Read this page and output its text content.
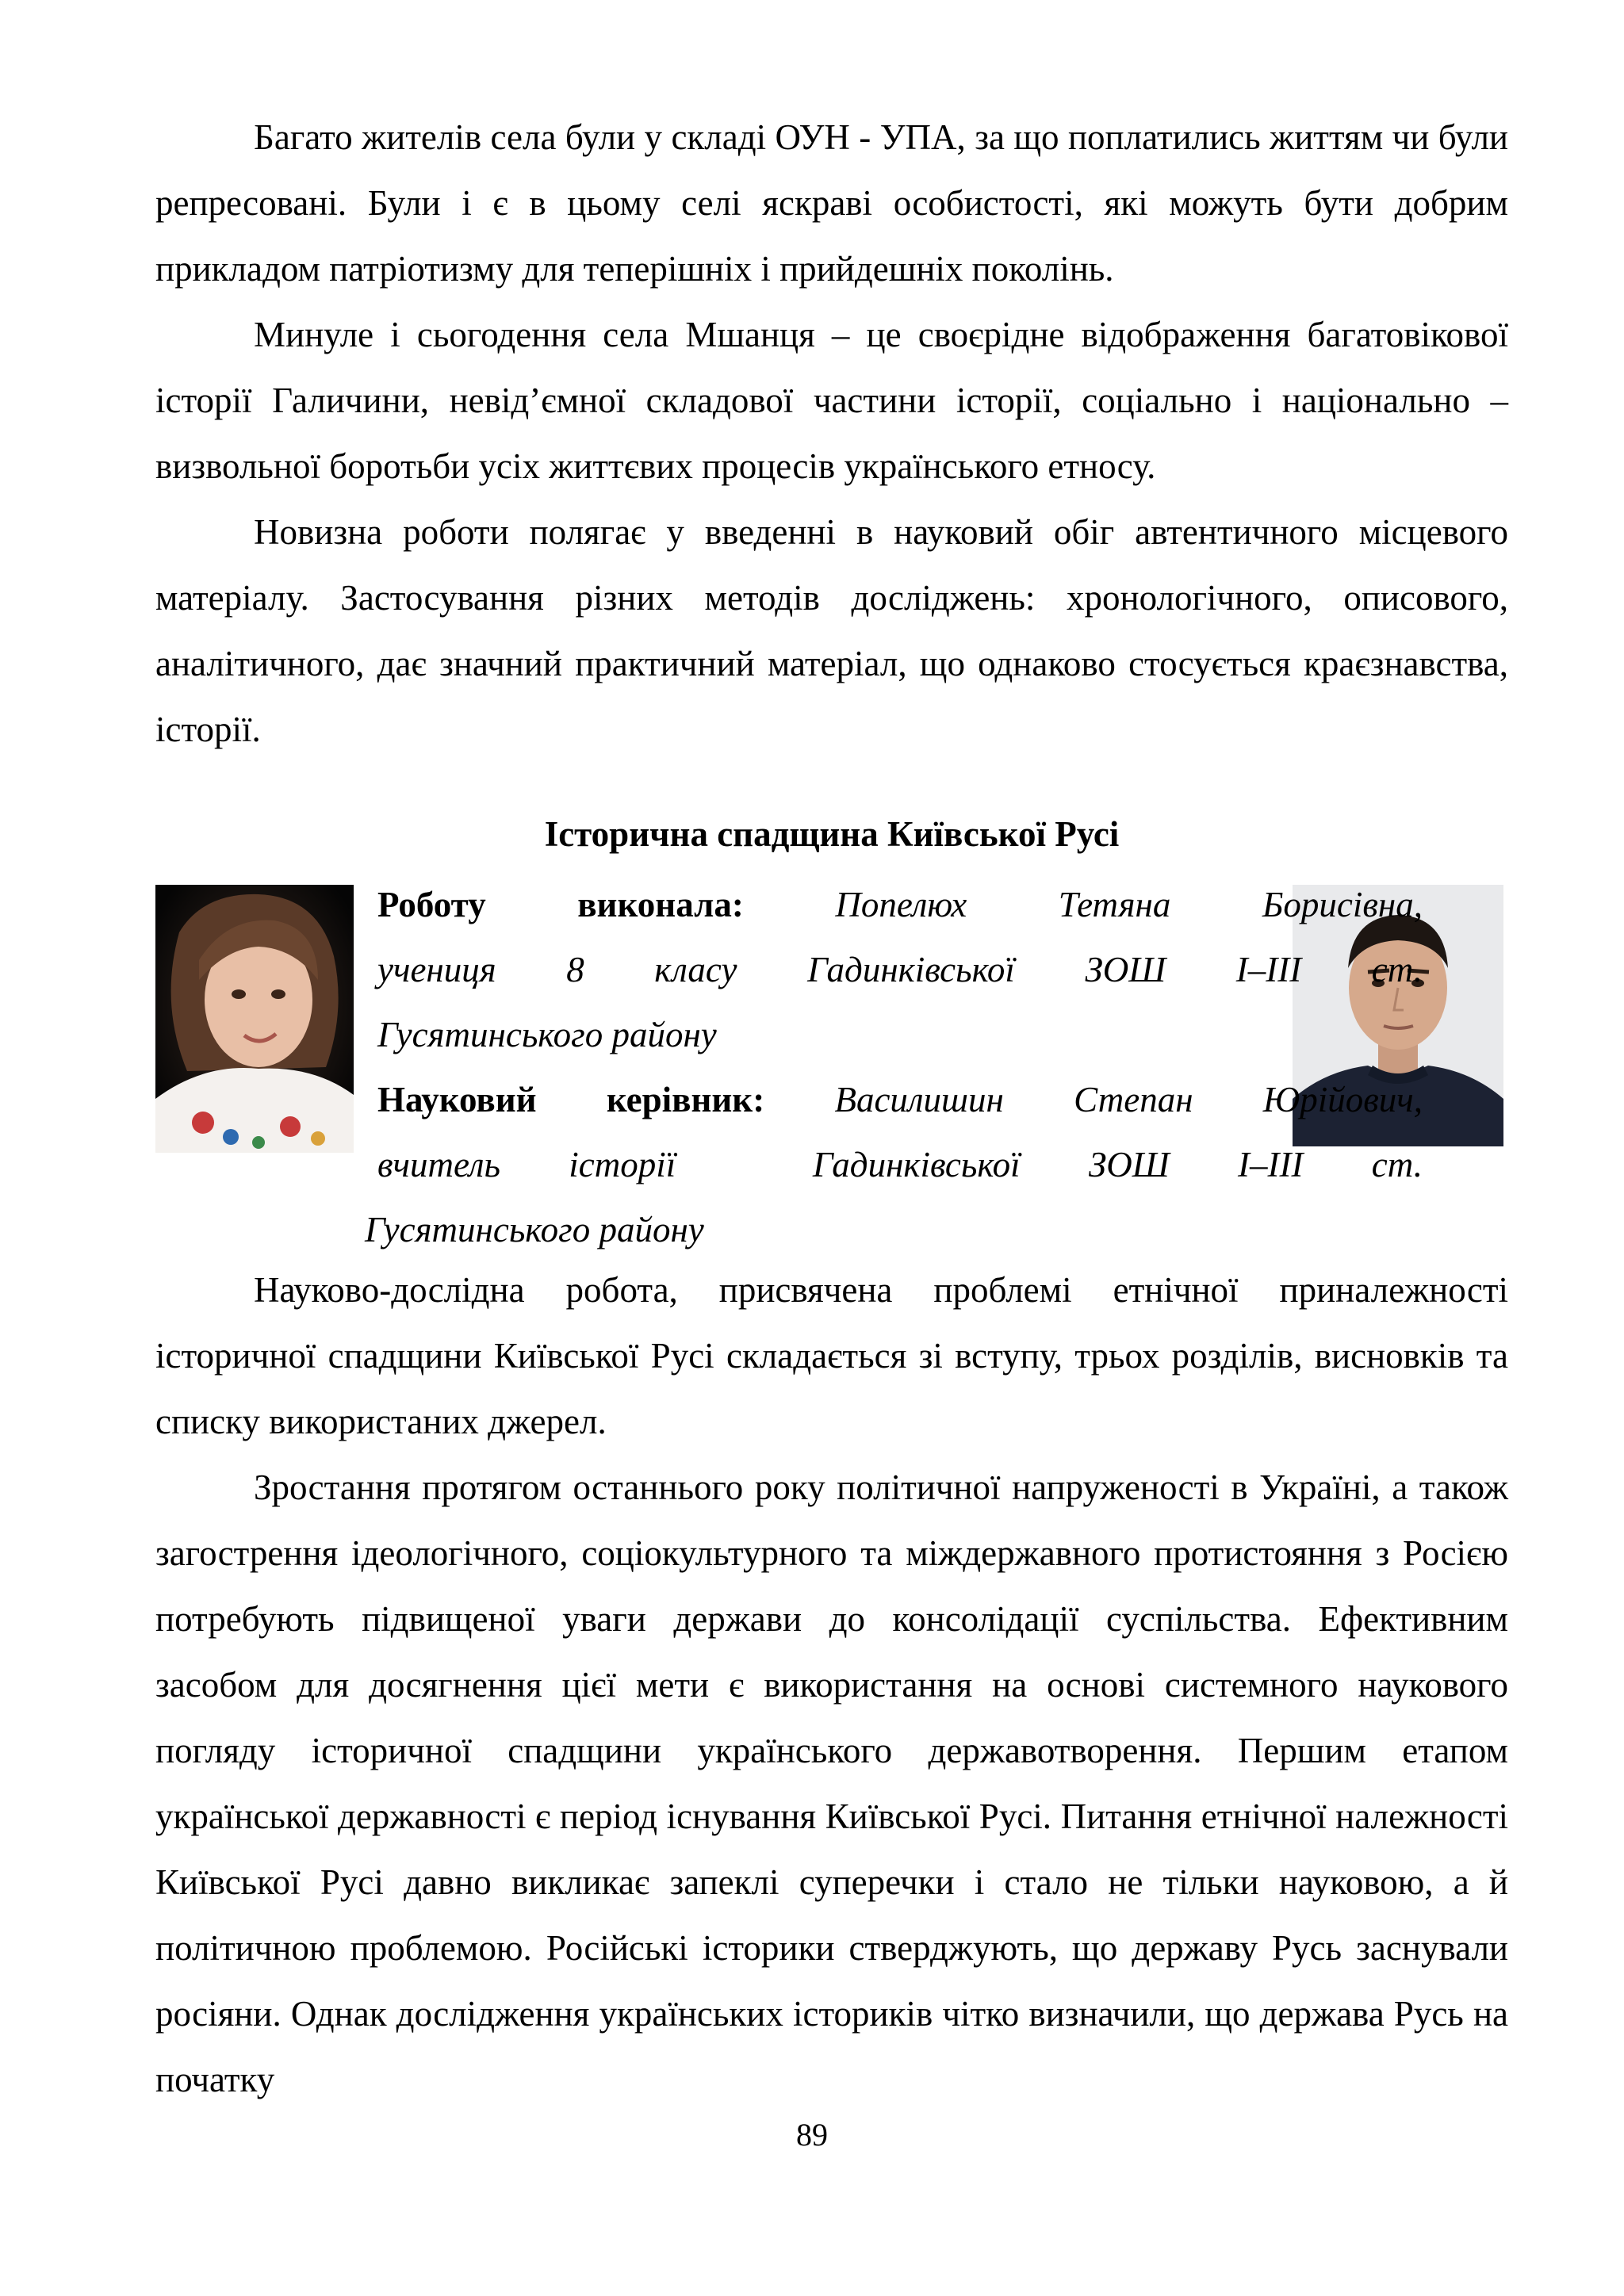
Багато жителів села були у складі ОУН - УПА, за що поплатились життям чи були репресовані. Були і є в цьому селі яскраві особистості, які можуть бути добрим прикладом патріотизму для теперішніх і прийдешніх поколінь.

Минуле і сьогодення села Мшанця – це своєрідне відображення багатовікової історії Галичини, невід’ємної складової частини історії, соціально і національно – визвольної боротьби усіх життєвих процесів українського етносу.

Новизна роботи полягає у введенні в науковий обіг автентичного місцевого матеріалу. Застосування різних методів досліджень: хронологічного, описового, аналітичного, дає значний практичний матеріал, що однаково стосується краєзнавства, історії.

Історична спадщина Київської Русі
Роботу виконала:	Попелюх Тетяна Борисівна,
учениця 8 класу Гадинківської ЗОШ І–ІІІ ст.
Гусятинського району
Науковий керівник: Василишин Степан Юрійович,
вчитель історії  Гадинківської ЗОШ І–ІІІ ст.
Гусятинського району

Науково-дослідна робота, присвячена проблемі етнічної приналежності історичної спадщини Київської Русі складається зі вступу, трьох розділів, висновків та списку використаних джерел.

Зростання протягом останнього року політичної напруженості в Україні, а також загострення ідеологічного, соціокультурного та міждержавного протистояння з Росією потребують підвищеної уваги держави до консолідації суспільства. Ефективним засобом для досягнення цієї мети є використання на основі системного наукового погляду історичної спадщини українського державотворення. Першим етапом української державності є період існування Київської Русі. Питання етнічної належності Київської Русі давно викликає запеклі суперечки і стало не тільки науковою, а й політичною проблемою. Російські історики стверджують, що державу Русь заснували росіяни. Однак дослідження українських істориків чітко визначили, що держава Русь на початку

89
